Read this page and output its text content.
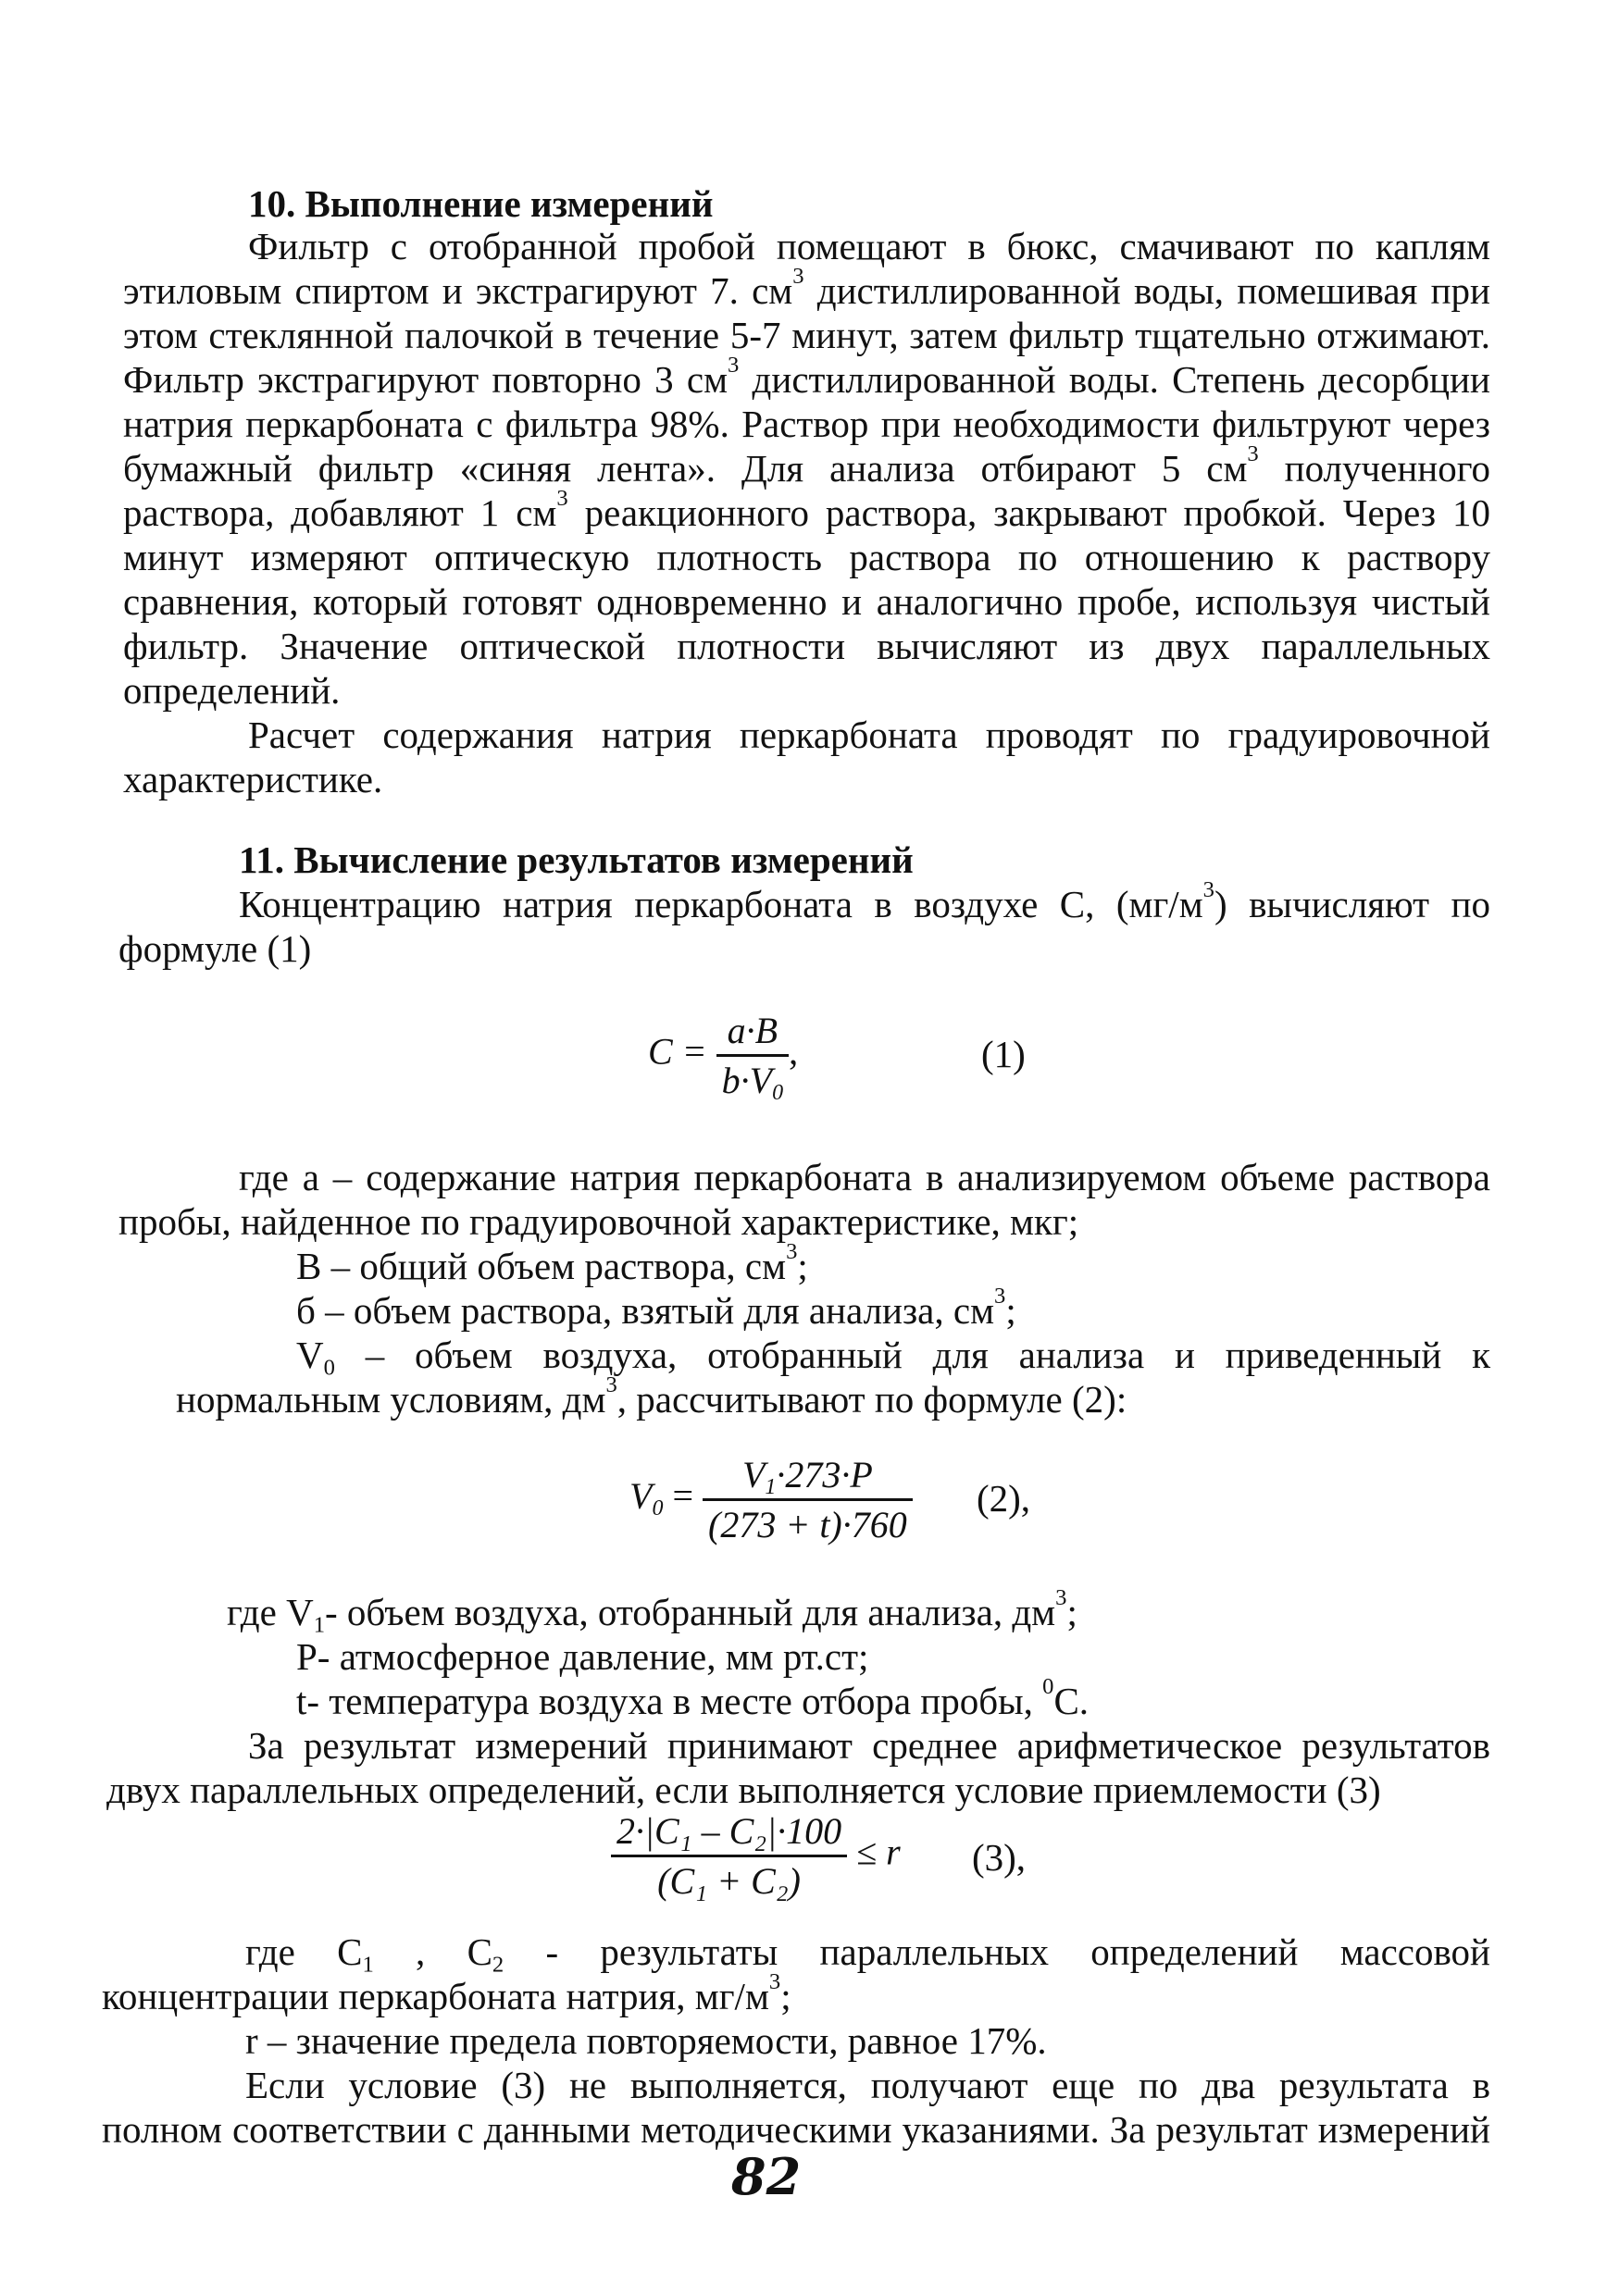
10. Выполнение измерений
Фильтр с отобранной пробой помещают в бюкс, смачивают по каплям
этиловым спиртом и экстрагируют 7. $см^3$ дистиллированной воды, помешивая при
этом стеклянной палочкой в течение 5-7 минут, затем фильтр тщательно отжимают.
Фильтр экстрагируют повторно 3 $см^3$ дистиллированной воды. Степень десорбции
натрия перкарбоната с фильтра 98%. Раствор при необходимости фильтруют через
бумажный фильтр «синяя лента». Для анализа отбирают 5 $см^3$ полученного
раствора, добавляют 1 $см^3$ реакционного раствора, закрывают пробкой. Через 10
минут измеряют оптическую плотность раствора по отношению к раствору
сравнения, который готовят одновременно и аналогично пробе, используя чистый
фильтр. Значение оптической плотности вычисляют из двух параллельных
определений.
Расчет содержания натрия перкарбоната проводят по градуировочной
характеристике.
11. Вычисление результатов измерений
Концентрацию натрия перкарбоната в воздухе С, $(мг/м^3)$ вычисляют по
формуле (1)
$C = \frac{a\cdot B}{b\cdot V_0}$ ,	(1)
где а – содержание натрия перкарбоната в анализируемом объеме раствора
пробы, найденное по градуировочной характеристике, мкг;
В – общий объем раствора, $см^3$;
б – объем раствора, взятый для анализа, $см^3$;
$V_0$ – объем воздуха, отобранный для анализа и приведенный к
нормальным условиям, $дм^3$, рассчитывают по формуле (2):
$V_0 = \frac{V_1\cdot 273\cdot P}{(273 + t)\cdot 760} (2)$,
где $V_1-$ объем воздуха, отобранный для анализа, $дм^3$;
P- атмосферное давление, мм рт.ст;
t- температура воздуха в месте отбора пробы, $^0$C.
За результат измерений принимают среднее арифметическое результатов
двух параллельных определений, если выполняется условие приемлемости (3)
$\frac{\text{2·|C₁ – C₂|·100}}{\text{(C₁ + C₂)}} \le r$ (3),
где $C_1$ , $C_2$ - результаты параллельных определений массовой
концентрации перкарбоната натрия, $мг/м^3$;
r – значение предела повторяемости, равное 17%.
Если условие (3) не выполняется, получают еще по два результата в
полном соответствии с данными методическими указаниями. За результат измерений
82
